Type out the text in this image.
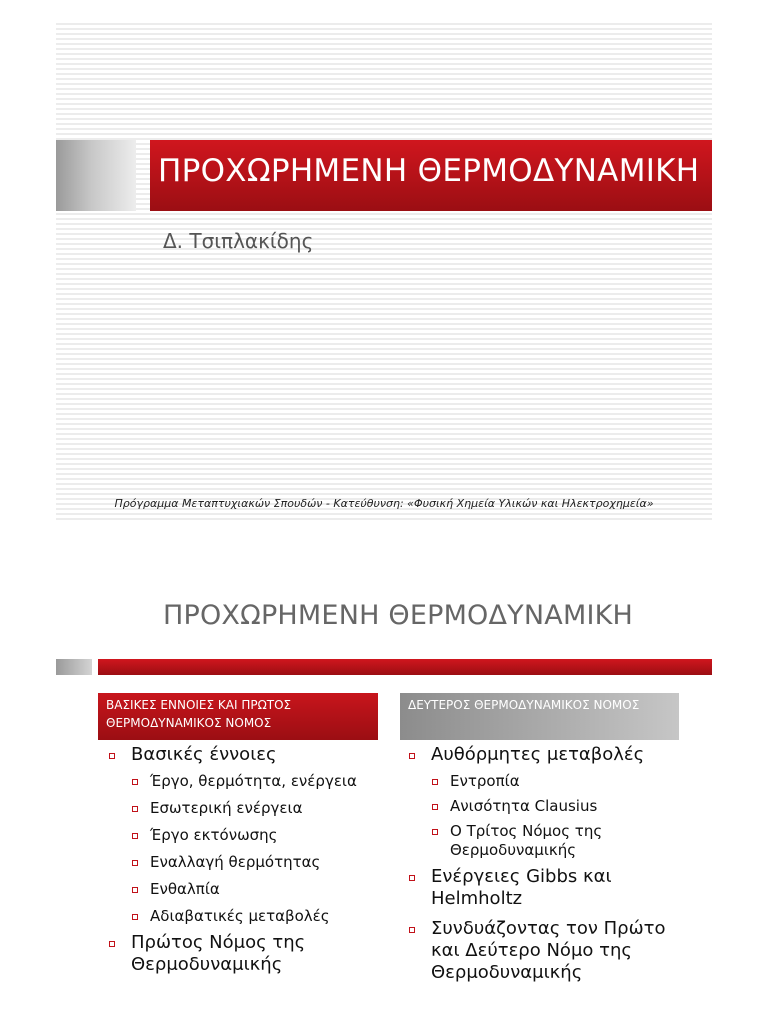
ΠΡΟΧΩΡΗΜΕΝΗ ΘΕΡΜΟΔΥΝΑΜΙΚΗ
Δ. Τσιπλακίδης
Πρόγραμμα Μεταπτυχιακών Σπουδών - Κατεύθυνση: «Φυσική Χημεία Υλικών και Ηλεκτροχημεία»
ΠΡΟΧΩΡΗΜΕΝΗ ΘΕΡΜΟΔΥΝΑΜΙΚΗ
ΒΑΣΙΚΕΣ ΕΝΝΟΙΕΣ ΚΑΙ ΠΡΩΤΟΣ ΘΕΡΜΟΔΥΝΑΜΙΚΟΣ ΝΟΜΟΣ
ΔΕΥΤΕΡΟΣ ΘΕΡΜΟΔΥΝΑΜΙΚΟΣ ΝΟΜΟΣ
Βασικές έννοιες
Έργο, θερμότητα, ενέργεια
Εσωτερική ενέργεια
Έργο εκτόνωσης
Εναλλαγή θερμότητας
Ενθαλπία
Αδιαβατικές μεταβολές
Πρώτος Νόμος της Θερμοδυναμικής
Αυθόρμητες μεταβολές
Εντροπία
Ανισότητα Clausius
Ο Τρίτος Νόμος της Θερμοδυναμικής
Ενέργειες Gibbs και Helmholtz
Συνδυάζοντας τον Πρώτο και Δεύτερο Νόμο της Θερμοδυναμικής
